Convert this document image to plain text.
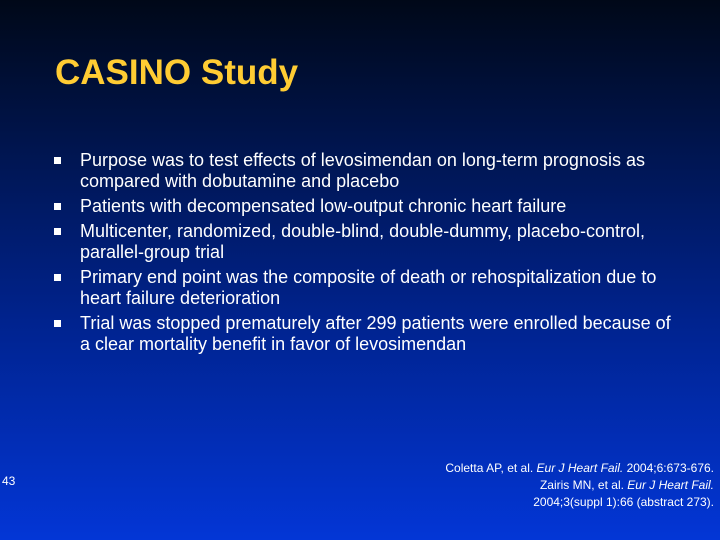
CASINO Study
Purpose was to test effects of levosimendan on long-term prognosis as compared with dobutamine and placebo
Patients with decompensated low-output chronic heart failure
Multicenter, randomized, double-blind, double-dummy, placebo-control, parallel-group trial
Primary end point was the composite of death or rehospitalization due to heart failure deterioration
Trial was stopped prematurely after 299 patients were enrolled because of a clear mortality benefit in favor of levosimendan
43
Coletta AP, et al. Eur J Heart Fail. 2004;6:673-676.
Zairis MN, et al. Eur J Heart Fail.
2004;3(suppl 1):66 (abstract 273).
